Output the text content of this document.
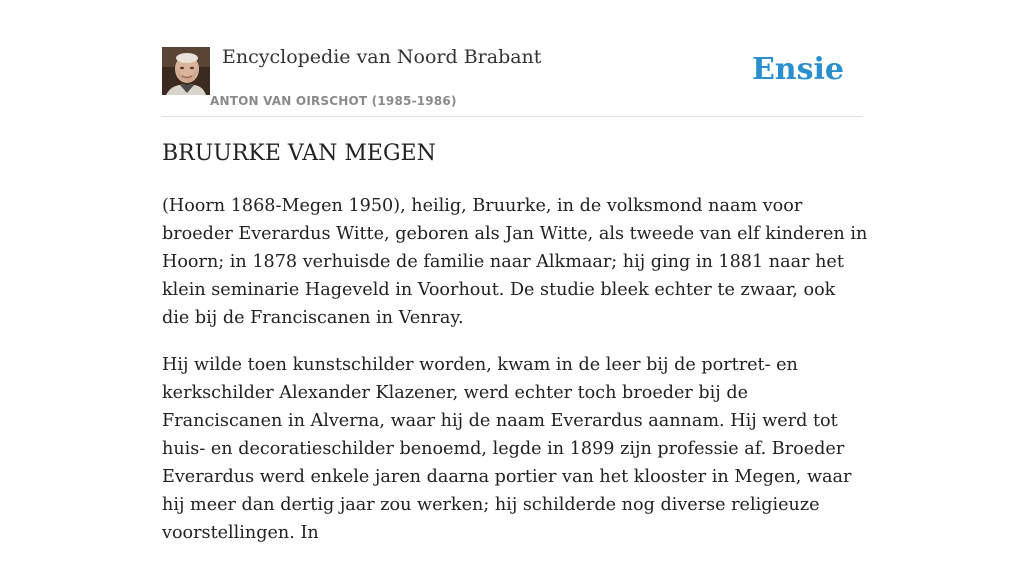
Encyclopedie van Noord Brabant
ANTON VAN OIRSCHOT (1985-1986)
Ensie
BRUURKE VAN MEGEN

(Hoorn 1868-Megen 1950), heilig, Bruurke, in de volksmond naam voor broeder Everardus Witte, geboren als Jan Witte, als tweede van elf kinderen in Hoorn; in 1878 verhuisde de familie naar Alkmaar; hij ging in 1881 naar het klein seminarie Hageveld in Voorhout. De studie bleek echter te zwaar, ook die bij de Franciscanen in Venray.

Hij wilde toen kunstschilder worden, kwam in de leer bij de portret- en kerkschilder Alexander Klazener, werd echter toch broeder bij de Franciscanen in Alverna, waar hij de naam Everardus aannam. Hij werd tot huis- en decoratieschilder benoemd, legde in 1899 zijn professie af. Broeder Everardus werd enkele jaren daarna portier van het klooster in Megen, waar hij meer dan dertig jaar zou werken; hij schilderde nog diverse religieuze voorstellingen. In
